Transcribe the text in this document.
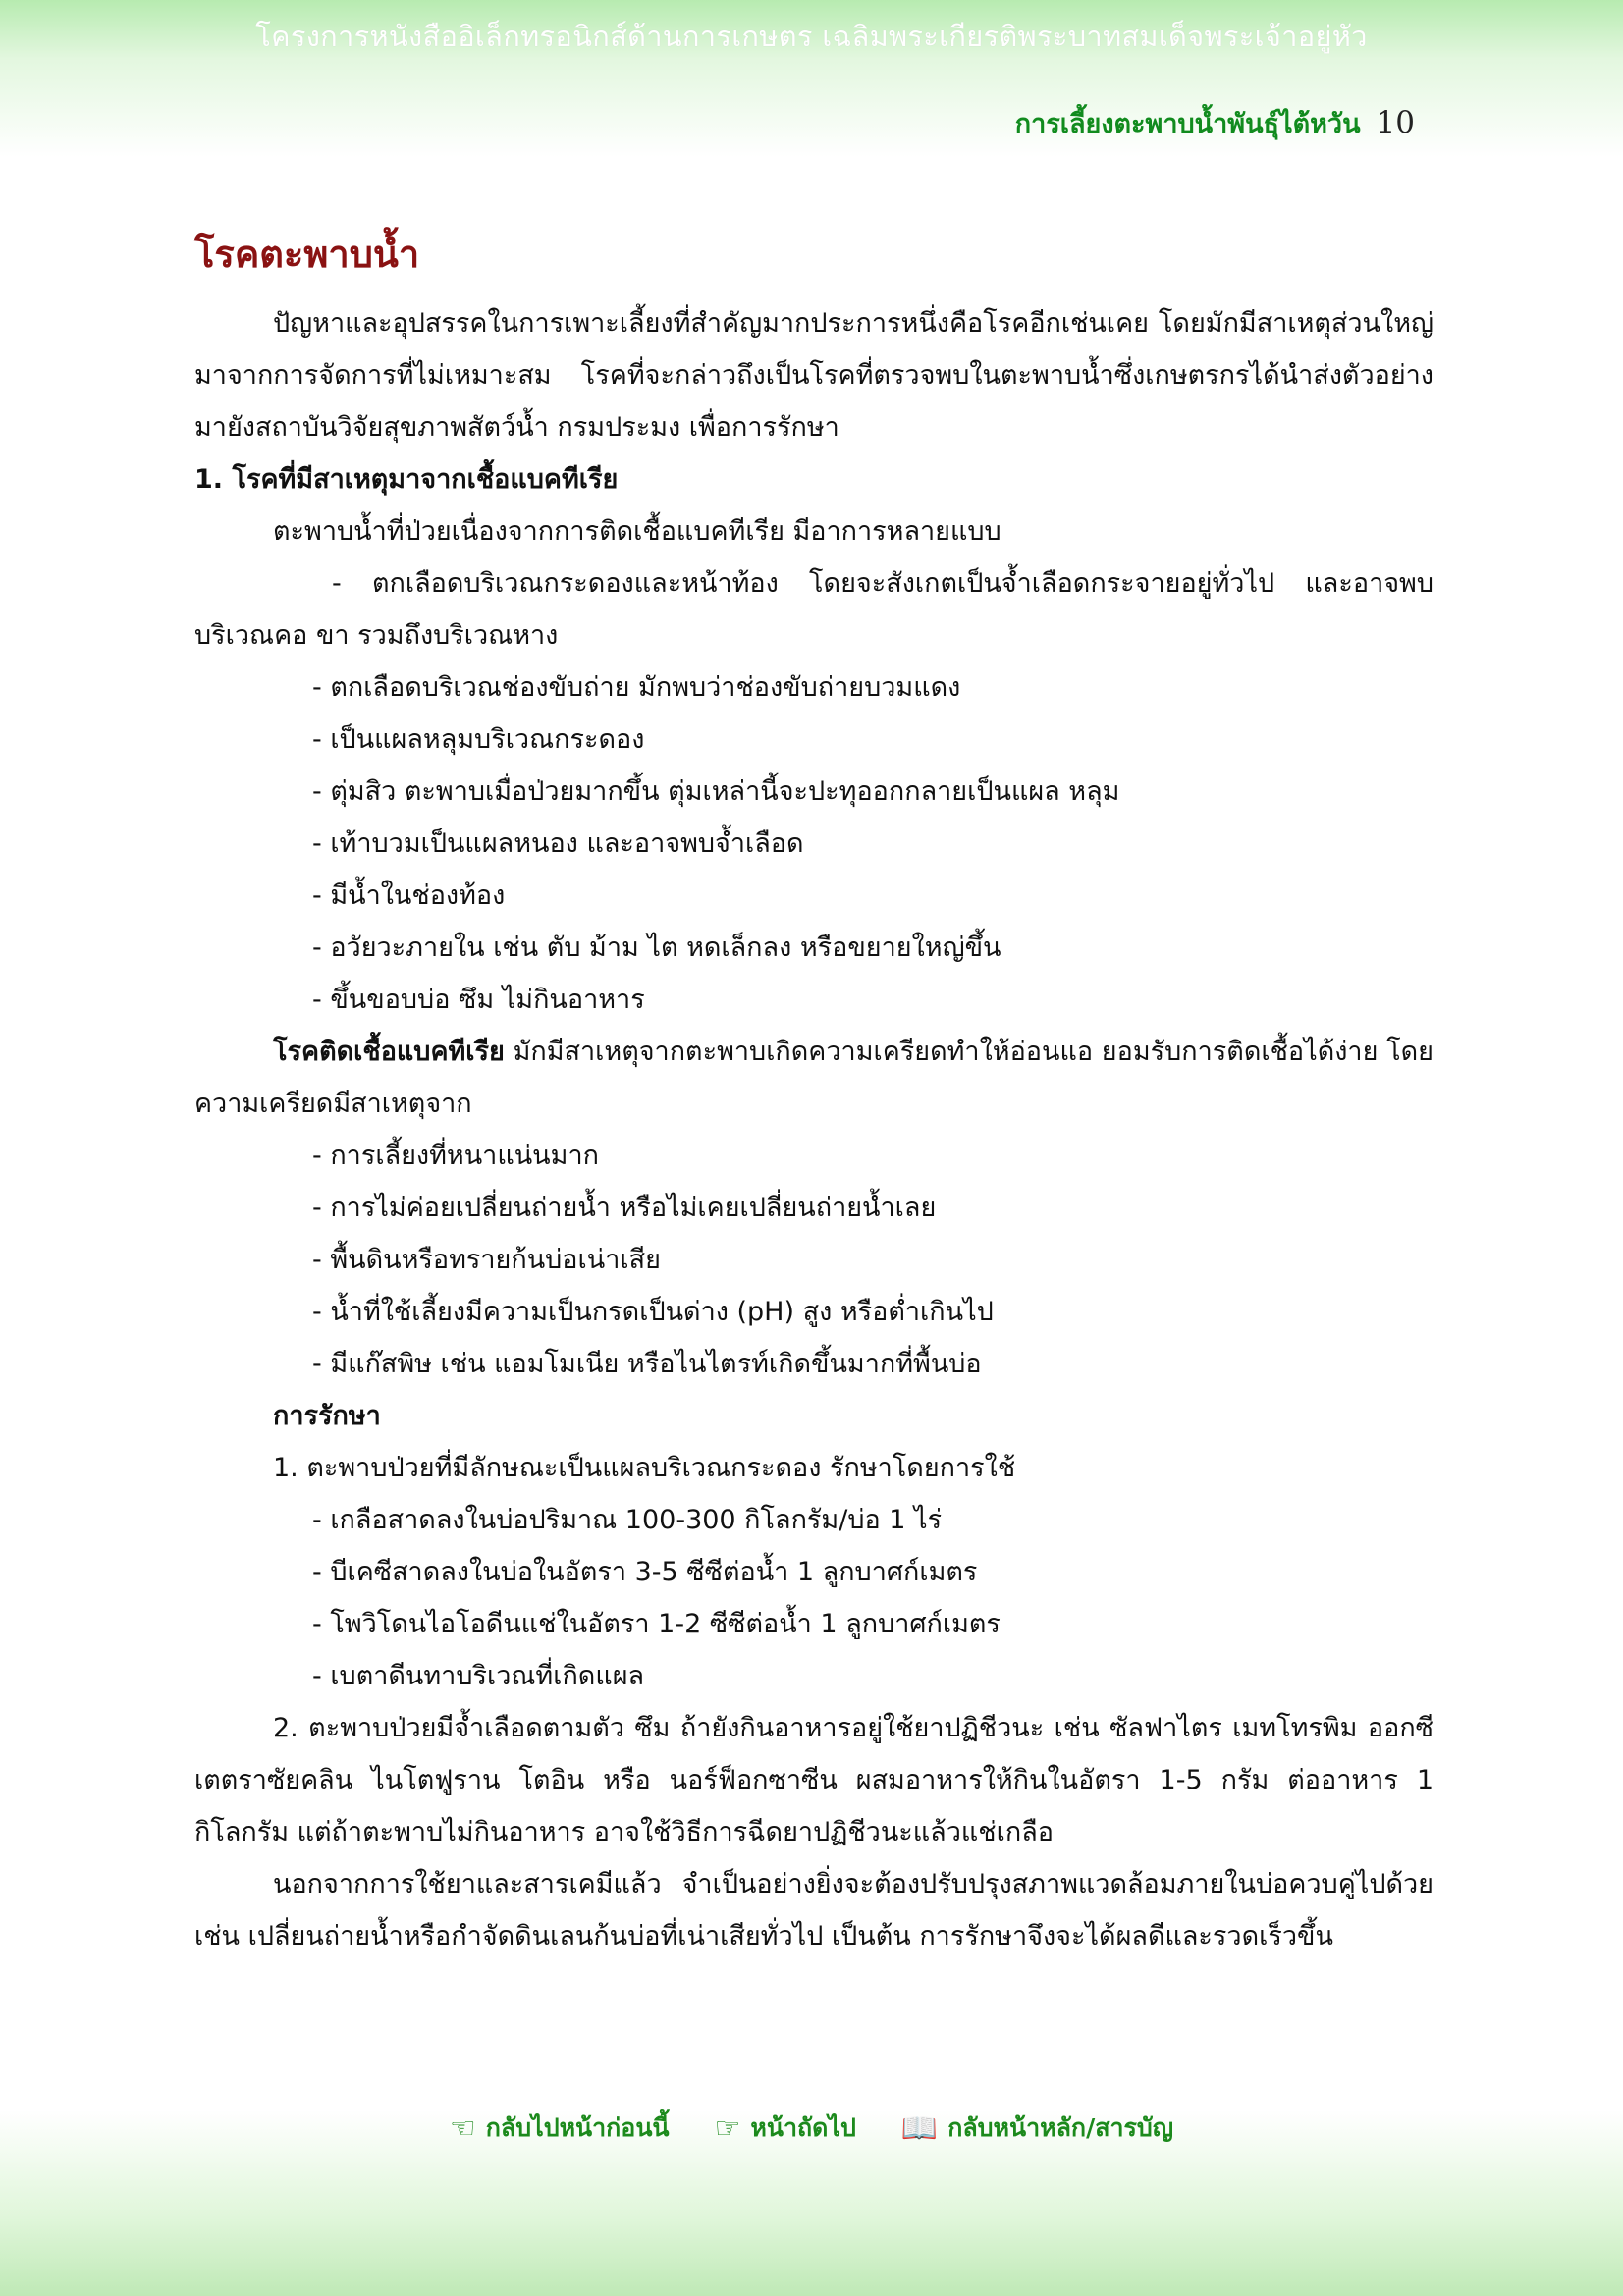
โครงการหนังสืออิเล็กทรอนิกส์ด้านการเกษตร เฉลิมพระเกียรติพระบาทสมเด็จพระเจ้าอยู่หัว
การเลี้ยงตะพาบน้ำพันธุ์ไต้หวัน 10
โรคตะพาบน้ำ

ปัญหาและอุปสรรคในการเพาะเลี้ยงที่สำคัญมากประการหนึ่งคือโรคอีกเช่นเคย โดยมักมีสาเหตุส่วนใหญ่มาจากการจัดการที่ไม่เหมาะสม โรคที่จะกล่าวถึงเป็นโรคที่ตรวจพบในตะพาบน้ำซึ่งเกษตรกรได้นำส่งตัวอย่างมายังสถาบันวิจัยสุขภาพสัตว์น้ำ กรมประมง เพื่อการรักษา

1. โรคที่มีสาเหตุมาจากเชื้อแบคทีเรีย

ตะพาบน้ำที่ป่วยเนื่องจากการติดเชื้อแบคทีเรีย มีอาการหลายแบบ

- ตกเลือดบริเวณกระดองและหน้าท้อง โดยจะสังเกตเป็นจ้ำเลือดกระจายอยู่ทั่วไป และอาจพบบริเวณคอ ขา รวมถึงบริเวณหาง

- ตกเลือดบริเวณช่องขับถ่าย มักพบว่าช่องขับถ่ายบวมแดง
- เป็นแผลหลุมบริเวณกระดอง
- ตุ่มสิว ตะพาบเมื่อป่วยมากขึ้น ตุ่มเหล่านี้จะปะทุออกกลายเป็นแผล หลุม
- เท้าบวมเป็นแผลหนอง และอาจพบจ้ำเลือด
- มีน้ำในช่องท้อง
- อวัยวะภายใน เช่น ตับ ม้าม ไต หดเล็กลง หรือขยายใหญ่ขึ้น
- ขึ้นขอบบ่อ ซึม ไม่กินอาหาร

โรคติดเชื้อแบคทีเรีย มักมีสาเหตุจากตะพาบเกิดความเครียดทำให้อ่อนแอ ยอมรับการติดเชื้อได้ง่าย โดยความเครียดมีสาเหตุจาก

- การเลี้ยงที่หนาแน่นมาก
- การไม่ค่อยเปลี่ยนถ่ายน้ำ หรือไม่เคยเปลี่ยนถ่ายน้ำเลย
- พื้นดินหรือทรายก้นบ่อเน่าเสีย
- น้ำที่ใช้เลี้ยงมีความเป็นกรดเป็นด่าง (pH) สูง หรือต่ำเกินไป
- มีแก๊สพิษ เช่น แอมโมเนีย หรือไนไตรท์เกิดขึ้นมากที่พื้นบ่อ
การรักษา

1. ตะพาบป่วยที่มีลักษณะเป็นแผลบริเวณกระดอง รักษาโดยการใช้

- เกลือสาดลงในบ่อปริมาณ 100-300 กิโลกรัม/บ่อ 1 ไร่
- บีเคซีสาดลงในบ่อในอัตรา 3-5 ซีซีต่อน้ำ 1 ลูกบาศก์เมตร
- โพวิโดนไอโอดีนแช่ในอัตรา 1-2 ซีซีต่อน้ำ 1 ลูกบาศก์เมตร
- เบตาดีนทาบริเวณที่เกิดแผล

2. ตะพาบป่วยมีจ้ำเลือดตามตัว ซึม ถ้ายังกินอาหารอยู่ใช้ยาปฏิชีวนะ เช่น ซัลฟาไตร เมทโทรพิม ออกซีเตตราซัยคลิน ไนโตฟูราน โตอิน หรือ นอร์ฟ็อกซาซีน ผสมอาหารให้กินในอัตรา 1-5 กรัม ต่ออาหาร 1 กิโลกรัม แต่ถ้าตะพาบไม่กินอาหาร อาจใช้วิธีการฉีดยาปฏิชีวนะแล้วแช่เกลือ

นอกจากการใช้ยาและสารเคมีแล้ว จำเป็นอย่างยิ่งจะต้องปรับปรุงสภาพแวดล้อมภายในบ่อควบคู่ไปด้วย เช่น เปลี่ยนถ่ายน้ำหรือกำจัดดินเลนก้นบ่อที่เน่าเสียทั่วไป เป็นต้น การรักษาจึงจะได้ผลดีและรวดเร็วขึ้น

☜ กลับไปหน้าก่อนนี้ ☞ หน้าถัดไป 📖 กลับหน้าหลัก/สารบัญ
